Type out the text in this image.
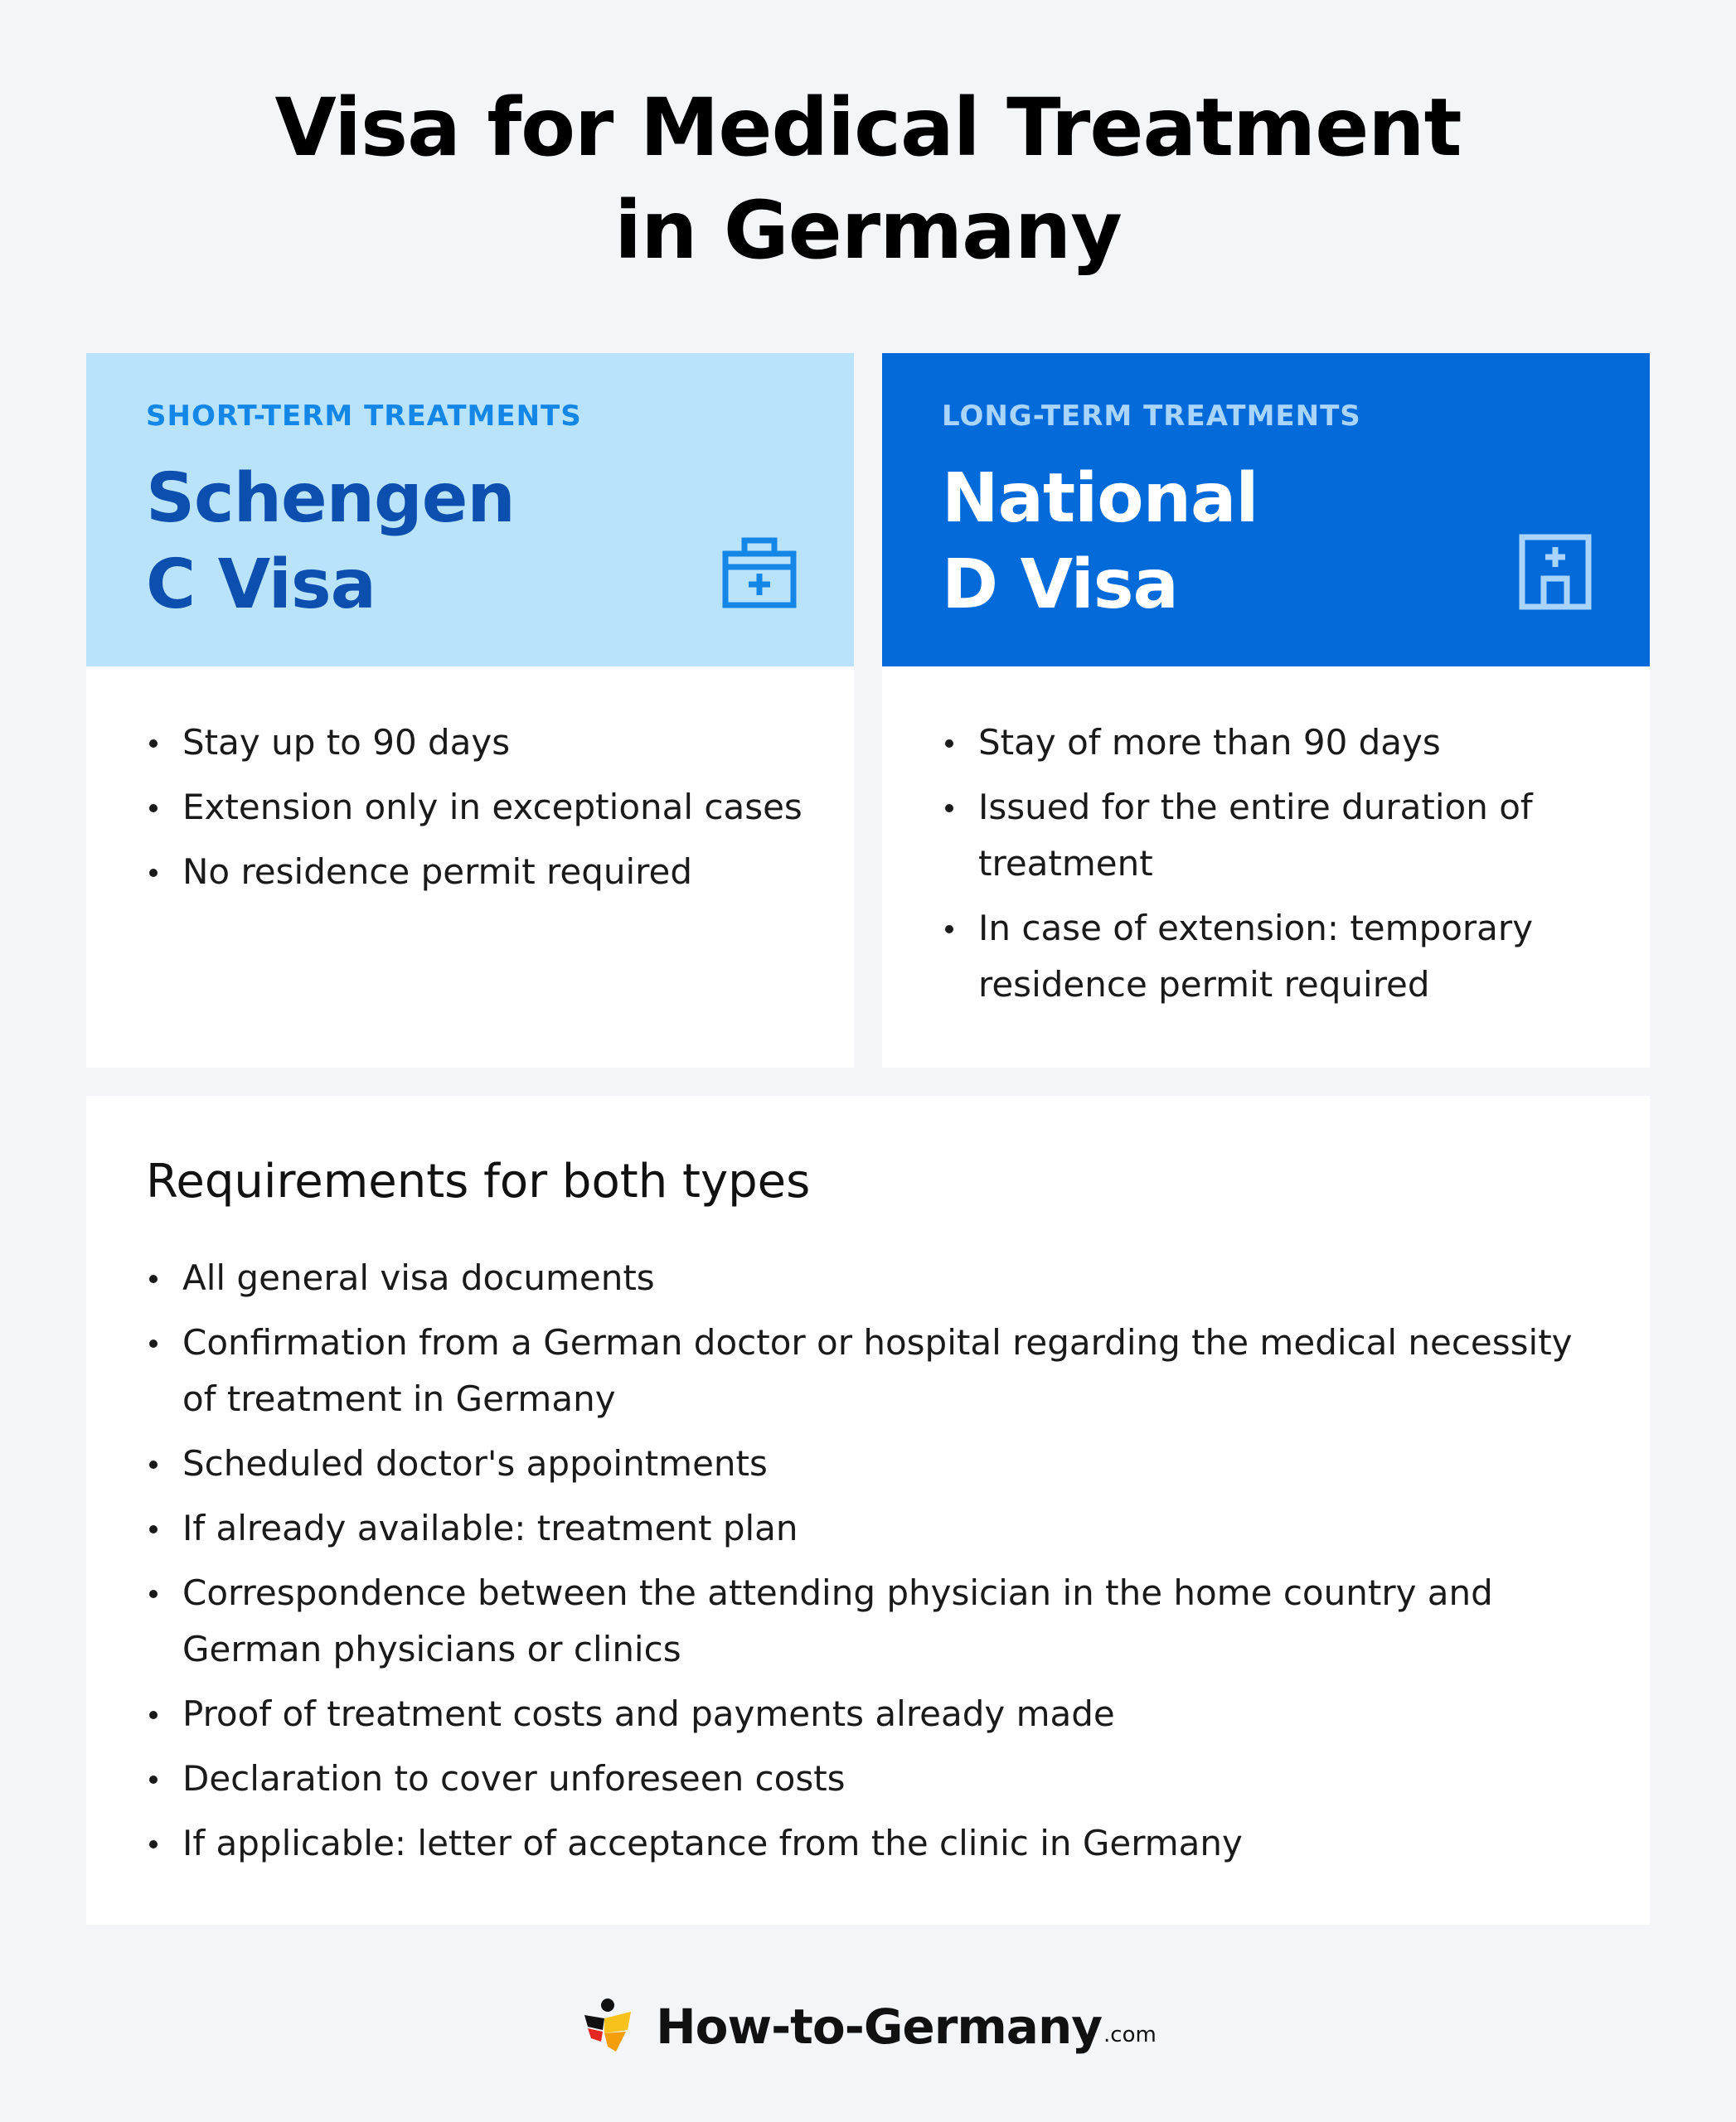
Visa for Medical Treatment
in Germany
SHORT-TERM TREATMENTS
Schengen
C Visa
Stay up to 90 days
Extension only in exceptional cases
No residence permit required
LONG-TERM TREATMENTS
National
D Visa
Stay of more than 90 days
Issued for the entire duration of treatment
In case of extension: temporary residence permit required
Requirements for both types
All general visa documents
Confirmation from a German doctor or hospital regarding the medical necessity of treatment in Germany
Scheduled doctor's appointments
If already available: treatment plan
Correspondence between the attending physician in the home country and German physicians or clinics
Proof of treatment costs and payments already made
Declaration to cover unforeseen costs
If applicable: letter of acceptance from the clinic in Germany
How-to-Germany .com
